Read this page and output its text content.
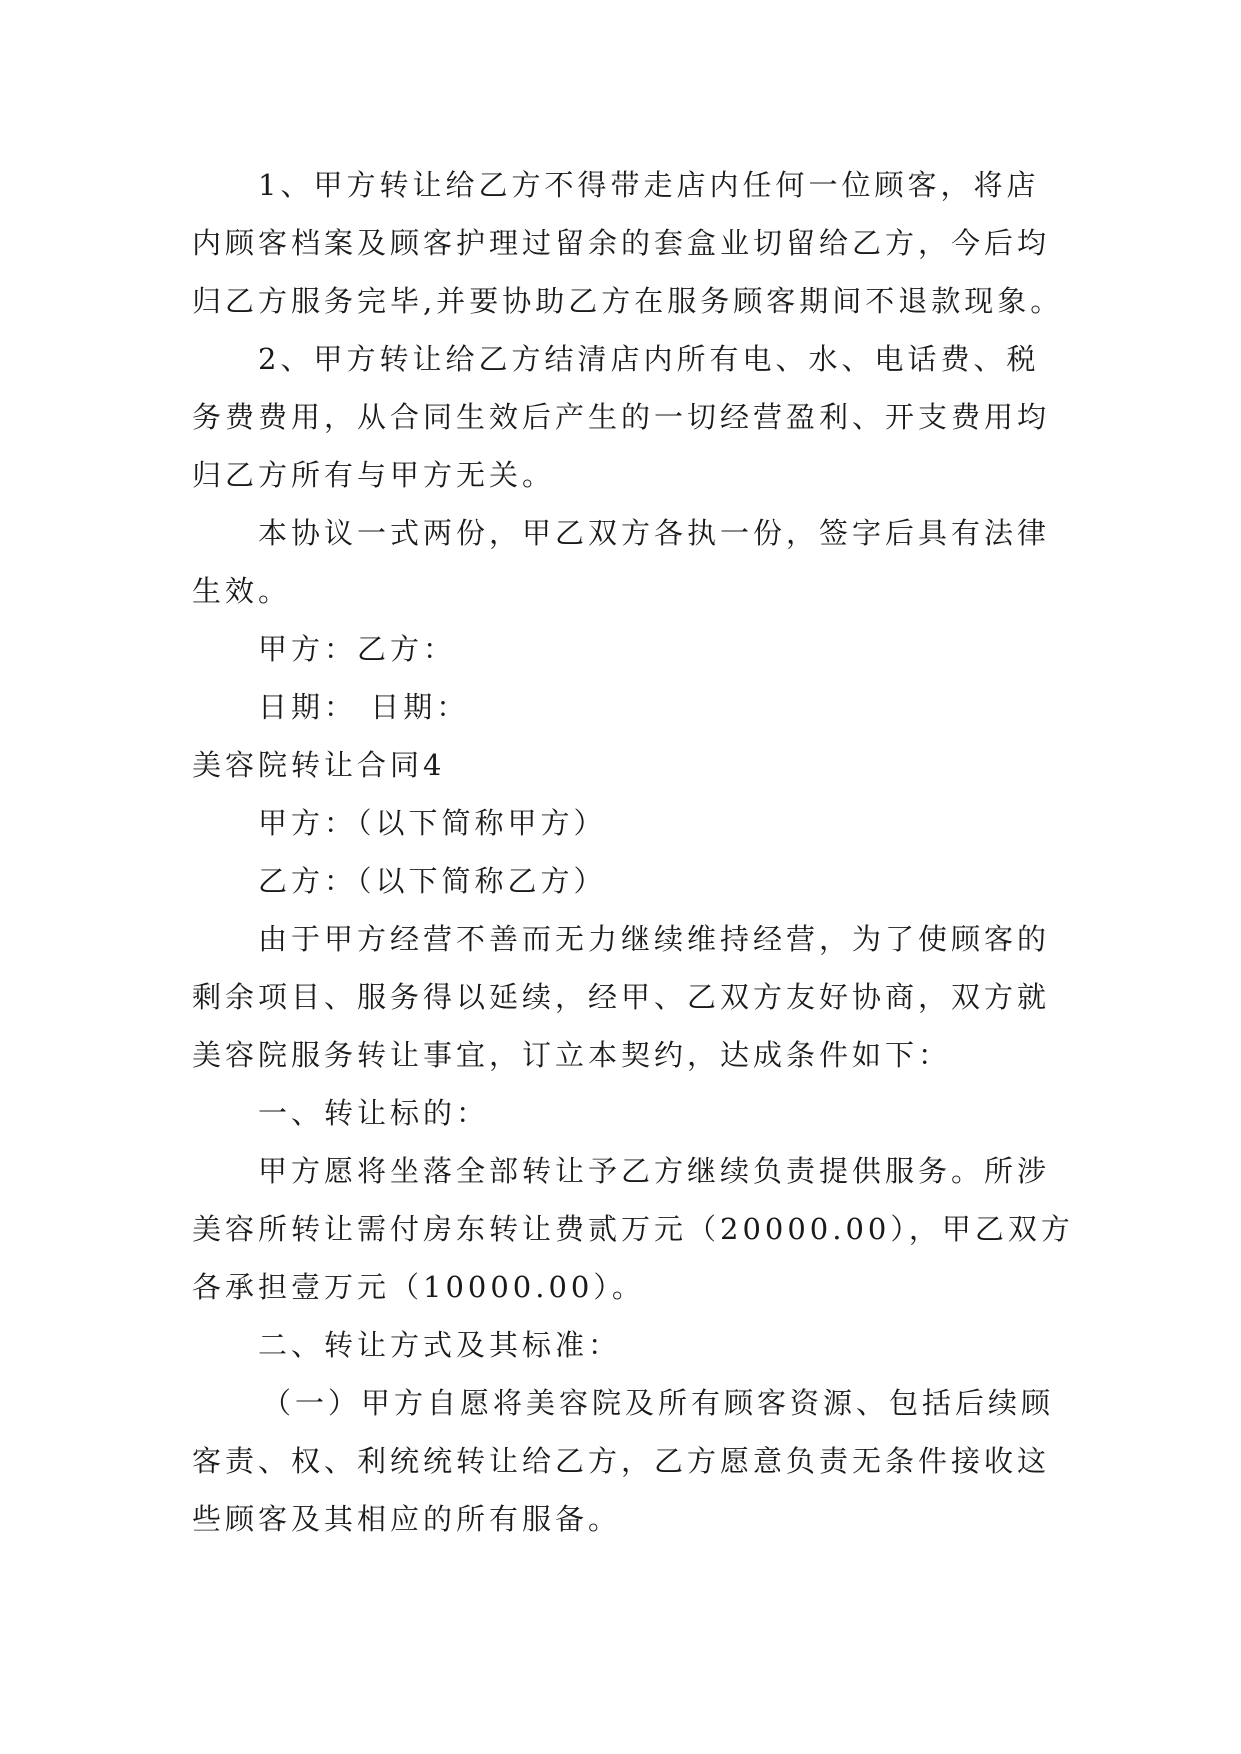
1、甲方转让给乙方不得带走店内任何一位顾客，将店
内顾客档案及顾客护理过留余的套盒业切留给乙方，今后均
归乙方服务完毕,并要协助乙方在服务顾客期间不退款现象。
2、甲方转让给乙方结清店内所有电、水、电话费、税
务费费用，从合同生效后产生的一切经营盈利、开支费用均
归乙方所有与甲方无关。
本协议一式两份，甲乙双方各执一份，签字后具有法律
生效。
甲方：乙方：
日期： 日期：
美容院转让合同4
甲方：（以下简称甲方）
乙方：（以下简称乙方）
由于甲方经营不善而无力继续维持经营，为了使顾客的
剩余项目、服务得以延续，经甲、乙双方友好协商，双方就
美容院服务转让事宜，订立本契约，达成条件如下：
一、转让标的：
甲方愿将坐落全部转让予乙方继续负责提供服务。所涉
美容所转让需付房东转让费贰万元（20000.00），甲乙双方
各承担壹万元（10000.00）。
二、转让方式及其标准：
（一）甲方自愿将美容院及所有顾客资源、包括后续顾
客责、权、利统统转让给乙方，乙方愿意负责无条件接收这
些顾客及其相应的所有服备。
